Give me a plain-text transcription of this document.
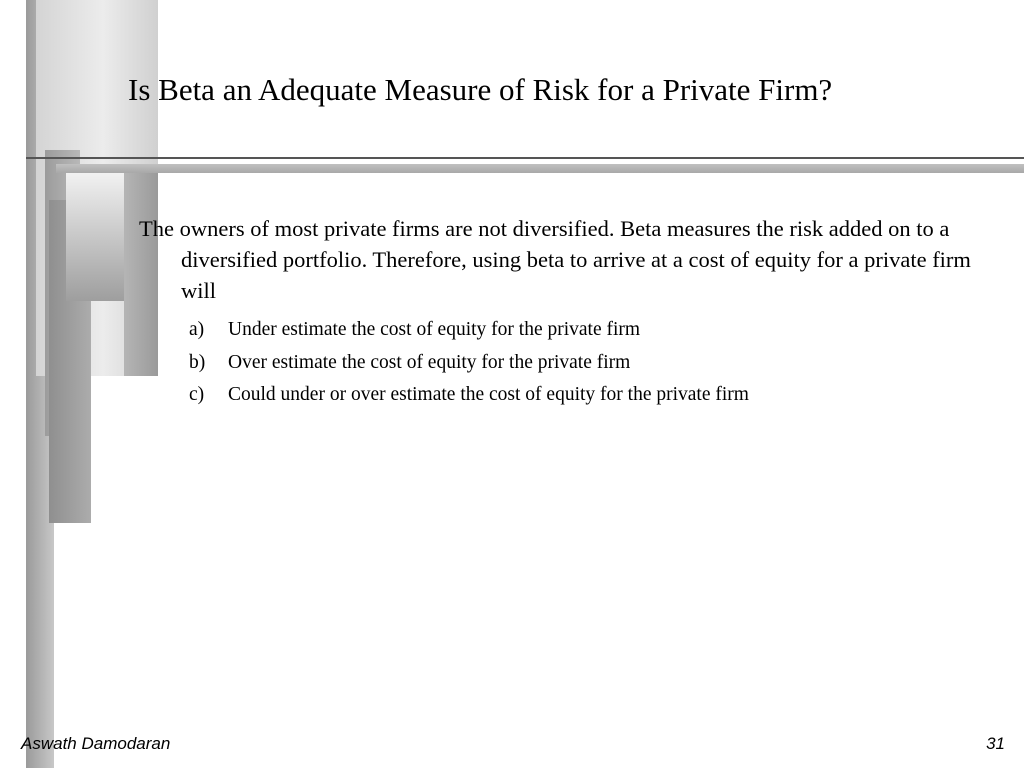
Is Beta an Adequate Measure of Risk for a Private Firm?

The owners of most private firms are not diversified. Beta measures the risk added on to a diversified portfolio. Therefore, using beta to arrive at a cost of equity for a private firm will

a) Under estimate the cost of equity for the private firm
b) Over estimate the cost of equity for the private firm
c) Could under or over estimate the cost of equity for the private firm
Aswath Damodaran	31
